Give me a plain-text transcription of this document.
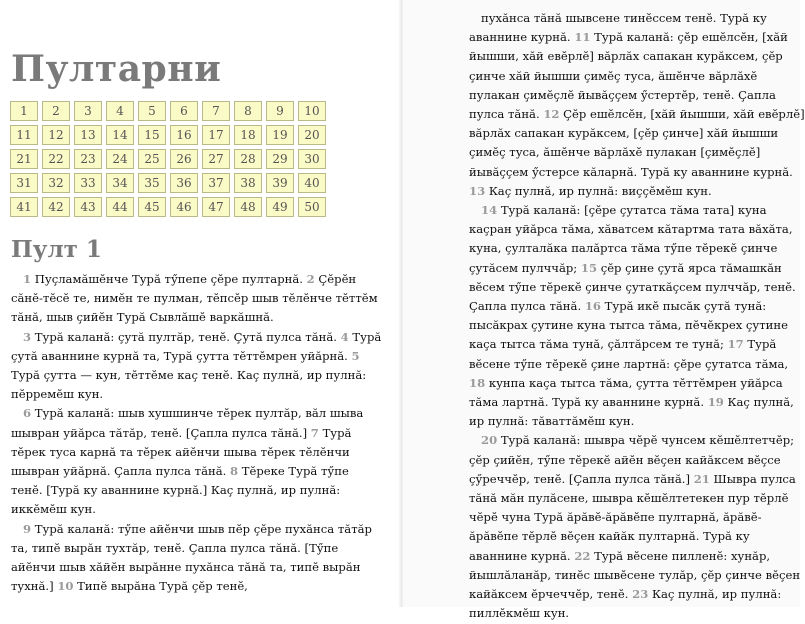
Пултарни
1	2	3	4	5	6	7	8	9	10
11	12	13	14	15	16	17	18	19	20
21	22	23	24	25	26	27	28	29	30
31	32	33	34	35	36	37	38	39	40
41	42	43	44	45	46	47	48	49	50
Пулт 1

1 Пуçламăшĕнче Турă тӳпепе çĕре пултарнă. 2 Çĕрĕн сăнĕ-тĕсĕ те, нимĕн те пулман, тĕпсĕр шыв тĕлĕнче тĕттĕм тăнă, шыв çийĕн Турă Сывлăшĕ варкăшнă.

3 Турă каланă: çутă пултăр, тенĕ. Çутă пулса тăнă. 4 Турă çутă аваннине курнă та, Турă çутта тĕттĕмрен уйăрнă. 5 Турă çутта — кун, тĕттĕме каç тенĕ. Каç пулнă, ир пулнă: пĕрремĕш кун.

6 Турă каланă: шыв хушшинче тĕрек пултăр, вăл шыва шывран уйăрса тăтăр, тенĕ. [Çапла пулса тăнă.] 7 Турă тĕрек туса карнă та тĕрек айĕнчи шыва тĕрек тĕлĕнчи шывран уйăрнă. Çапла пулса тăнă. 8 Тĕреке Турă тӳпе тенĕ. [Турă ку аваннине курнă.] Каç пулнă, ир пулнă: иккĕмĕш кун.

9 Турă каланă: тӳпе айĕнчи шыв пĕр çĕре пухăнса тăтăр та, типĕ вырăн тухтăр, тенĕ. Çапла пулса тăнă. [Тӳпе айĕнчи шыв хăйĕн вырăнне пухăнса тăнă та, типĕ вырăн тухнă.] 10 Типĕ вырăна Турă çĕр тенĕ,

пухăнса тăнă шывсене тинĕссем тенĕ. Турă ку аваннине курнă. 11 Турă каланă: çĕр ешĕлсĕн, [хăй йышши, хăй евĕрлĕ] вăрлăх сапакан курăксем, çĕр çинче хăй йышши çимĕç туса, ăшĕнче вăрлăхĕ пулакан çимĕçлĕ йывăççем ӳстертĕр, тенĕ. Çапла пулса тăнă. 12 Çĕр ешĕлсĕн, [хăй йышши, хăй евĕрлĕ] вăрлăх сапакан курăксем, [çĕр çинче] хăй йышши çимĕç туса, ăшĕнче вăрлăхĕ пулакан [çимĕçлĕ] йывăççем ӳстерсе кăларнă. Турă ку аваннине курнă. 13 Каç пулнă, ир пулнă: виççĕмĕш кун.

14 Турă каланă: [çĕре çутатса тăма тата] куна каçран уйăрса тăма, хăватсем кăтартма тата вăхăта, куна, çулталăка палăртса тăма тӳпе тĕрекĕ çинче çутăсем пулччăр; 15 çĕр çине çутă ярса тăмашкăн вĕсем тӳпе тĕрекĕ çинче çутаткăçсем пулччăр, тенĕ. Çапла пулса тăнă. 16 Турă икĕ пысăк çутă тунă: пысăкрах çутине куна тытса тăма, пĕчĕкрех çутине каçа тытса тăма тунă, çăлтăрсем те тунă; 17 Турă вĕсене тӳпе тĕрекĕ çине лартнă: çĕре çутатса тăма, 18 кунпа каçа тытса тăма, çутта тĕттĕмрен уйăрса тăма лартнă. Турă ку аваннине курнă. 19 Каç пулнă, ир пулнă: тăваттăмĕш кун.

20 Турă каланă: шывра чĕрĕ чунсем кĕшĕлтетчĕр; çĕр çийĕн, тӳпе тĕрекĕ айĕн вĕçен кайăксем вĕçсе çӳреччĕр, тенĕ. [Çапла пулса тăнă.] 21 Шывра пулса тăнă мăн пулăсене, шывра кĕшĕлтетекен пур тĕрлĕ чĕрĕ чуна Турă ăрăвĕ-ăрăвĕпе пултарнă, ăрăвĕ-ăрăвĕпе тĕрлĕ вĕçен кайăк пултарнă. Турă ку аваннине курнă. 22 Турă вĕсене пилленĕ: хунăр, йышлăланăр, тинĕс шывĕсене тулăр, çĕр çинче вĕçен кайăксем ĕрчеччĕр, тенĕ. 23 Каç пулнă, ир пулнă: пиллĕкмĕш кун.
